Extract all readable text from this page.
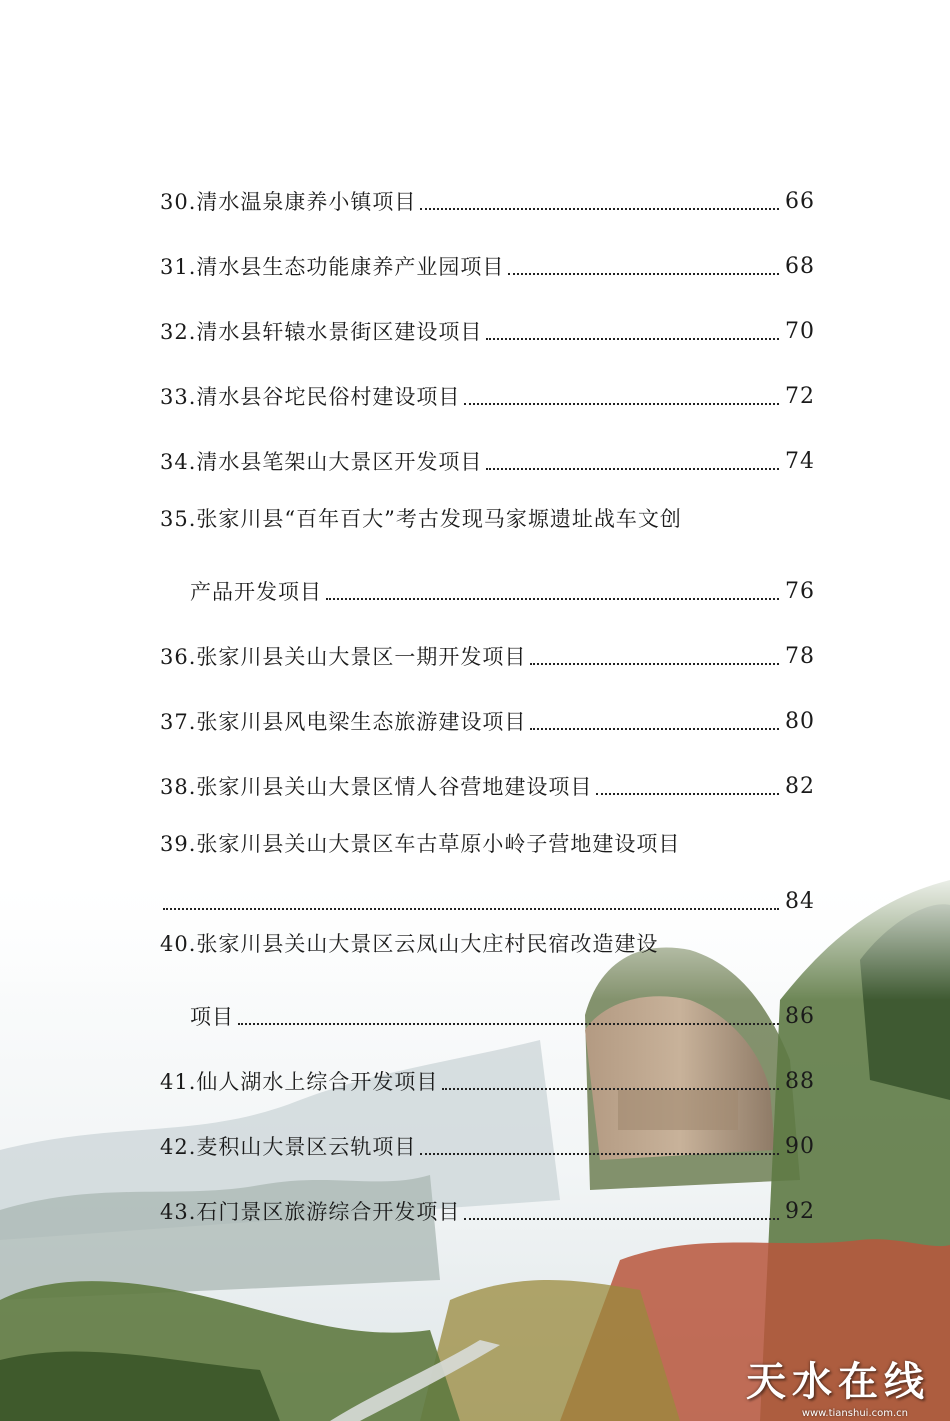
30.清水温泉康养小镇项目	66
31.清水县生态功能康养产业园项目	68
32.清水县轩辕水景街区建设项目	70
33.清水县谷坨民俗村建设项目	72
34.清水县笔架山大景区开发项目	74
35.张家川县“百年百大”考古发现马家塬遗址战车文创
产品开发项目	76
36.张家川县关山大景区一期开发项目	78
37.张家川县风电梁生态旅游建设项目	80
38.张家川县关山大景区情人谷营地建设项目	82
39.张家川县关山大景区车古草原小岭子营地建设项目
84
40.张家川县关山大景区云凤山大庄村民宿改造建设
项目	86
41.仙人湖水上综合开发项目	88
42.麦积山大景区云轨项目	90
43.石门景区旅游综合开发项目	92
天水在线
www.tianshui.com.cn
